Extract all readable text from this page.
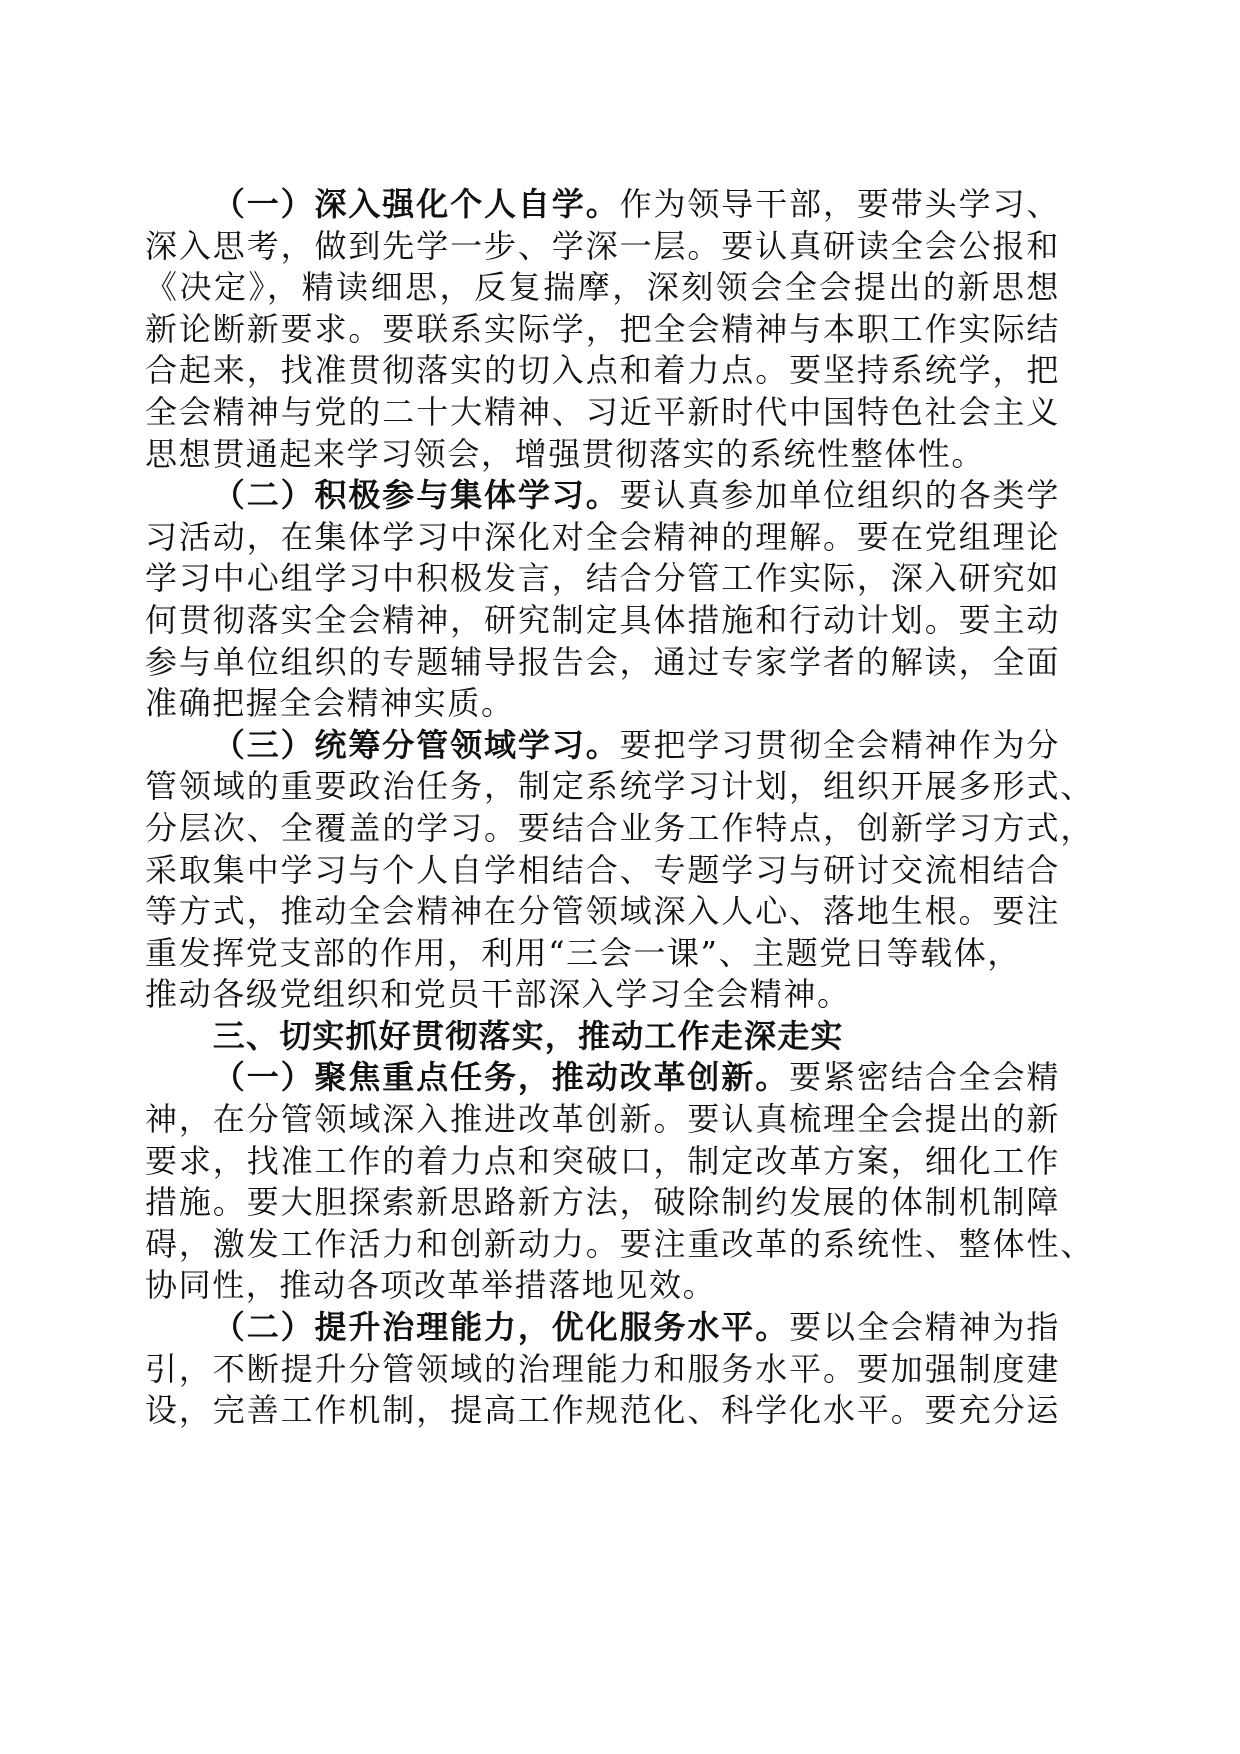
（一）深入强化个人自学。作为领导干部，要带头学习、
深入思考，做到先学一步、学深一层。要认真研读全会公报和
《决定》，精读细思，反复揣摩，深刻领会全会提出的新思想
新论断新要求。要联系实际学，把全会精神与本职工作实际结
合起来，找准贯彻落实的切入点和着力点。要坚持系统学，把
全会精神与党的二十大精神、习近平新时代中国特色社会主义
思想贯通起来学习领会，增强贯彻落实的系统性整体性。
（二）积极参与集体学习。要认真参加单位组织的各类学
习活动，在集体学习中深化对全会精神的理解。要在党组理论
学习中心组学习中积极发言，结合分管工作实际，深入研究如
何贯彻落实全会精神，研究制定具体措施和行动计划。要主动
参与单位组织的专题辅导报告会，通过专家学者的解读，全面
准确把握全会精神实质。
（三）统筹分管领域学习。要把学习贯彻全会精神作为分
管领域的重要政治任务，制定系统学习计划，组织开展多形式、
分层次、全覆盖的学习。要结合业务工作特点，创新学习方式，
采取集中学习与个人自学相结合、专题学习与研讨交流相结合
等方式，推动全会精神在分管领域深入人心、落地生根。要注
重发挥党支部的作用，利用“三会一课”、主题党日等载体，
推动各级党组织和党员干部深入学习全会精神。
三、切实抓好贯彻落实，推动工作走深走实
（一）聚焦重点任务，推动改革创新。要紧密结合全会精
神，在分管领域深入推进改革创新。要认真梳理全会提出的新
要求，找准工作的着力点和突破口，制定改革方案，细化工作
措施。要大胆探索新思路新方法，破除制约发展的体制机制障
碍，激发工作活力和创新动力。要注重改革的系统性、整体性、
协同性，推动各项改革举措落地见效。
（二）提升治理能力，优化服务水平。要以全会精神为指
引，不断提升分管领域的治理能力和服务水平。要加强制度建
设，完善工作机制，提高工作规范化、科学化水平。要充分运
